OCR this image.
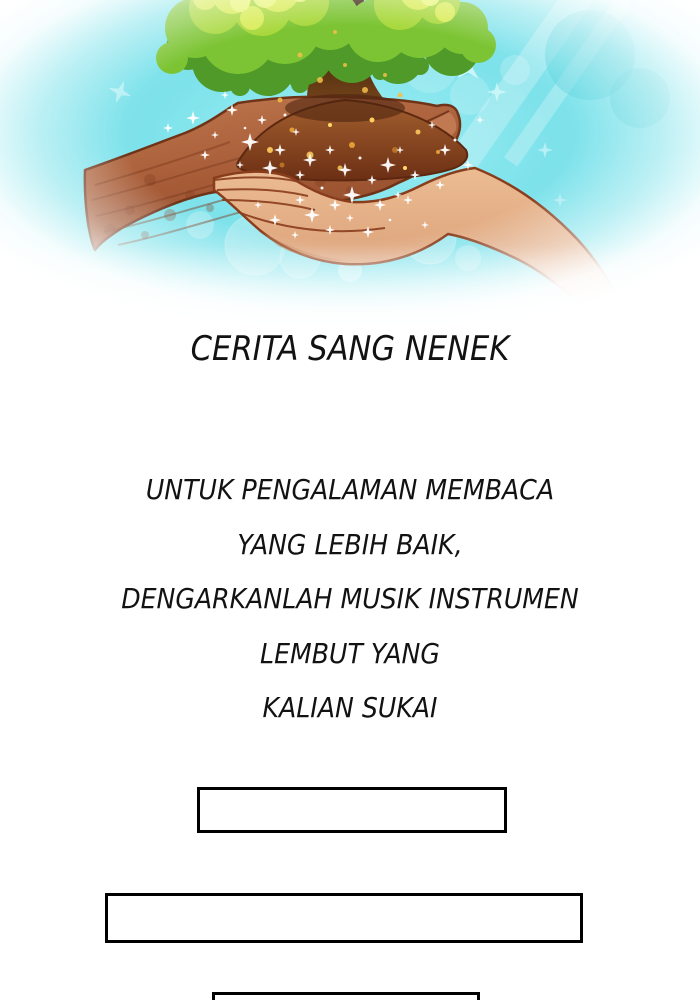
CERITA SANG NENEK
UNTUK PENGALAMAN MEMBACA
YANG LEBIH BAIK,
DENGARKANLAH MUSIK INSTRUMEN
LEMBUT YANG
KALIAN SUKAI
